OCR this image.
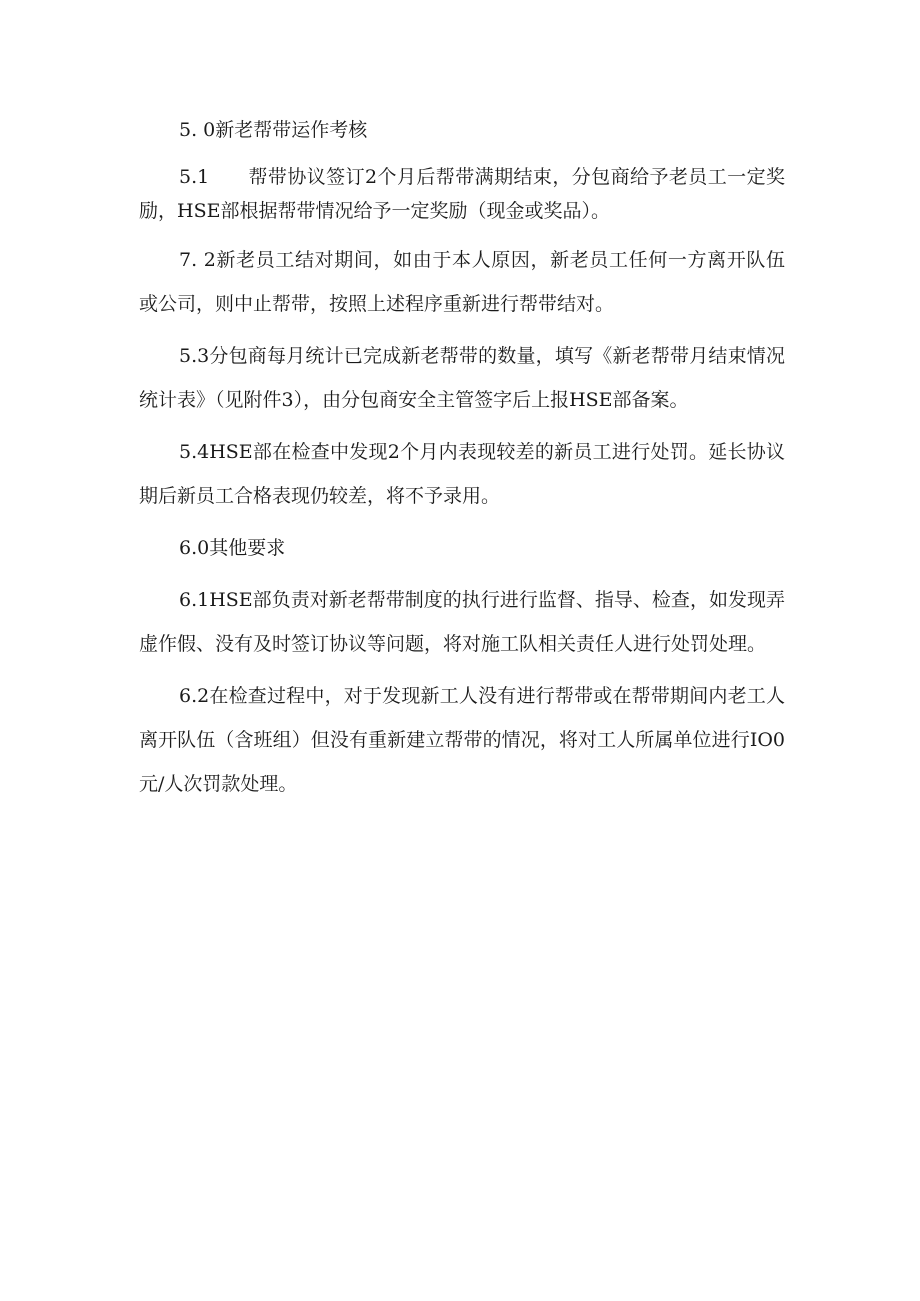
5. 0新老帮带运作考核

5.1　　帮带协议签订2个月后帮带满期结束，分包商给予老员工一定奖励，HSE部根据帮带情况给予一定奖励（现金或奖品）。

7. 2新老员工结对期间，如由于本人原因，新老员工任何一方离开队伍或公司，则中止帮带，按照上述程序重新进行帮带结对。

5.3分包商每月统计已完成新老帮带的数量，填写《新老帮带月结束情况统计表》（见附件3），由分包商安全主管签字后上报HSE部备案。

5.4HSE部在检查中发现2个月内表现较差的新员工进行处罚。延长协议期后新员工合格表现仍较差，将不予录用。

6.0其他要求

6.1HSE部负责对新老帮带制度的执行进行监督、指导、检查，如发现弄虚作假、没有及时签订协议等问题，将对施工队相关责任人进行处罚处理。

6.2在检查过程中，对于发现新工人没有进行帮带或在帮带期间内老工人离开队伍（含班组）但没有重新建立帮带的情况，将对工人所属单位进行IO0元/人次罚款处理。
